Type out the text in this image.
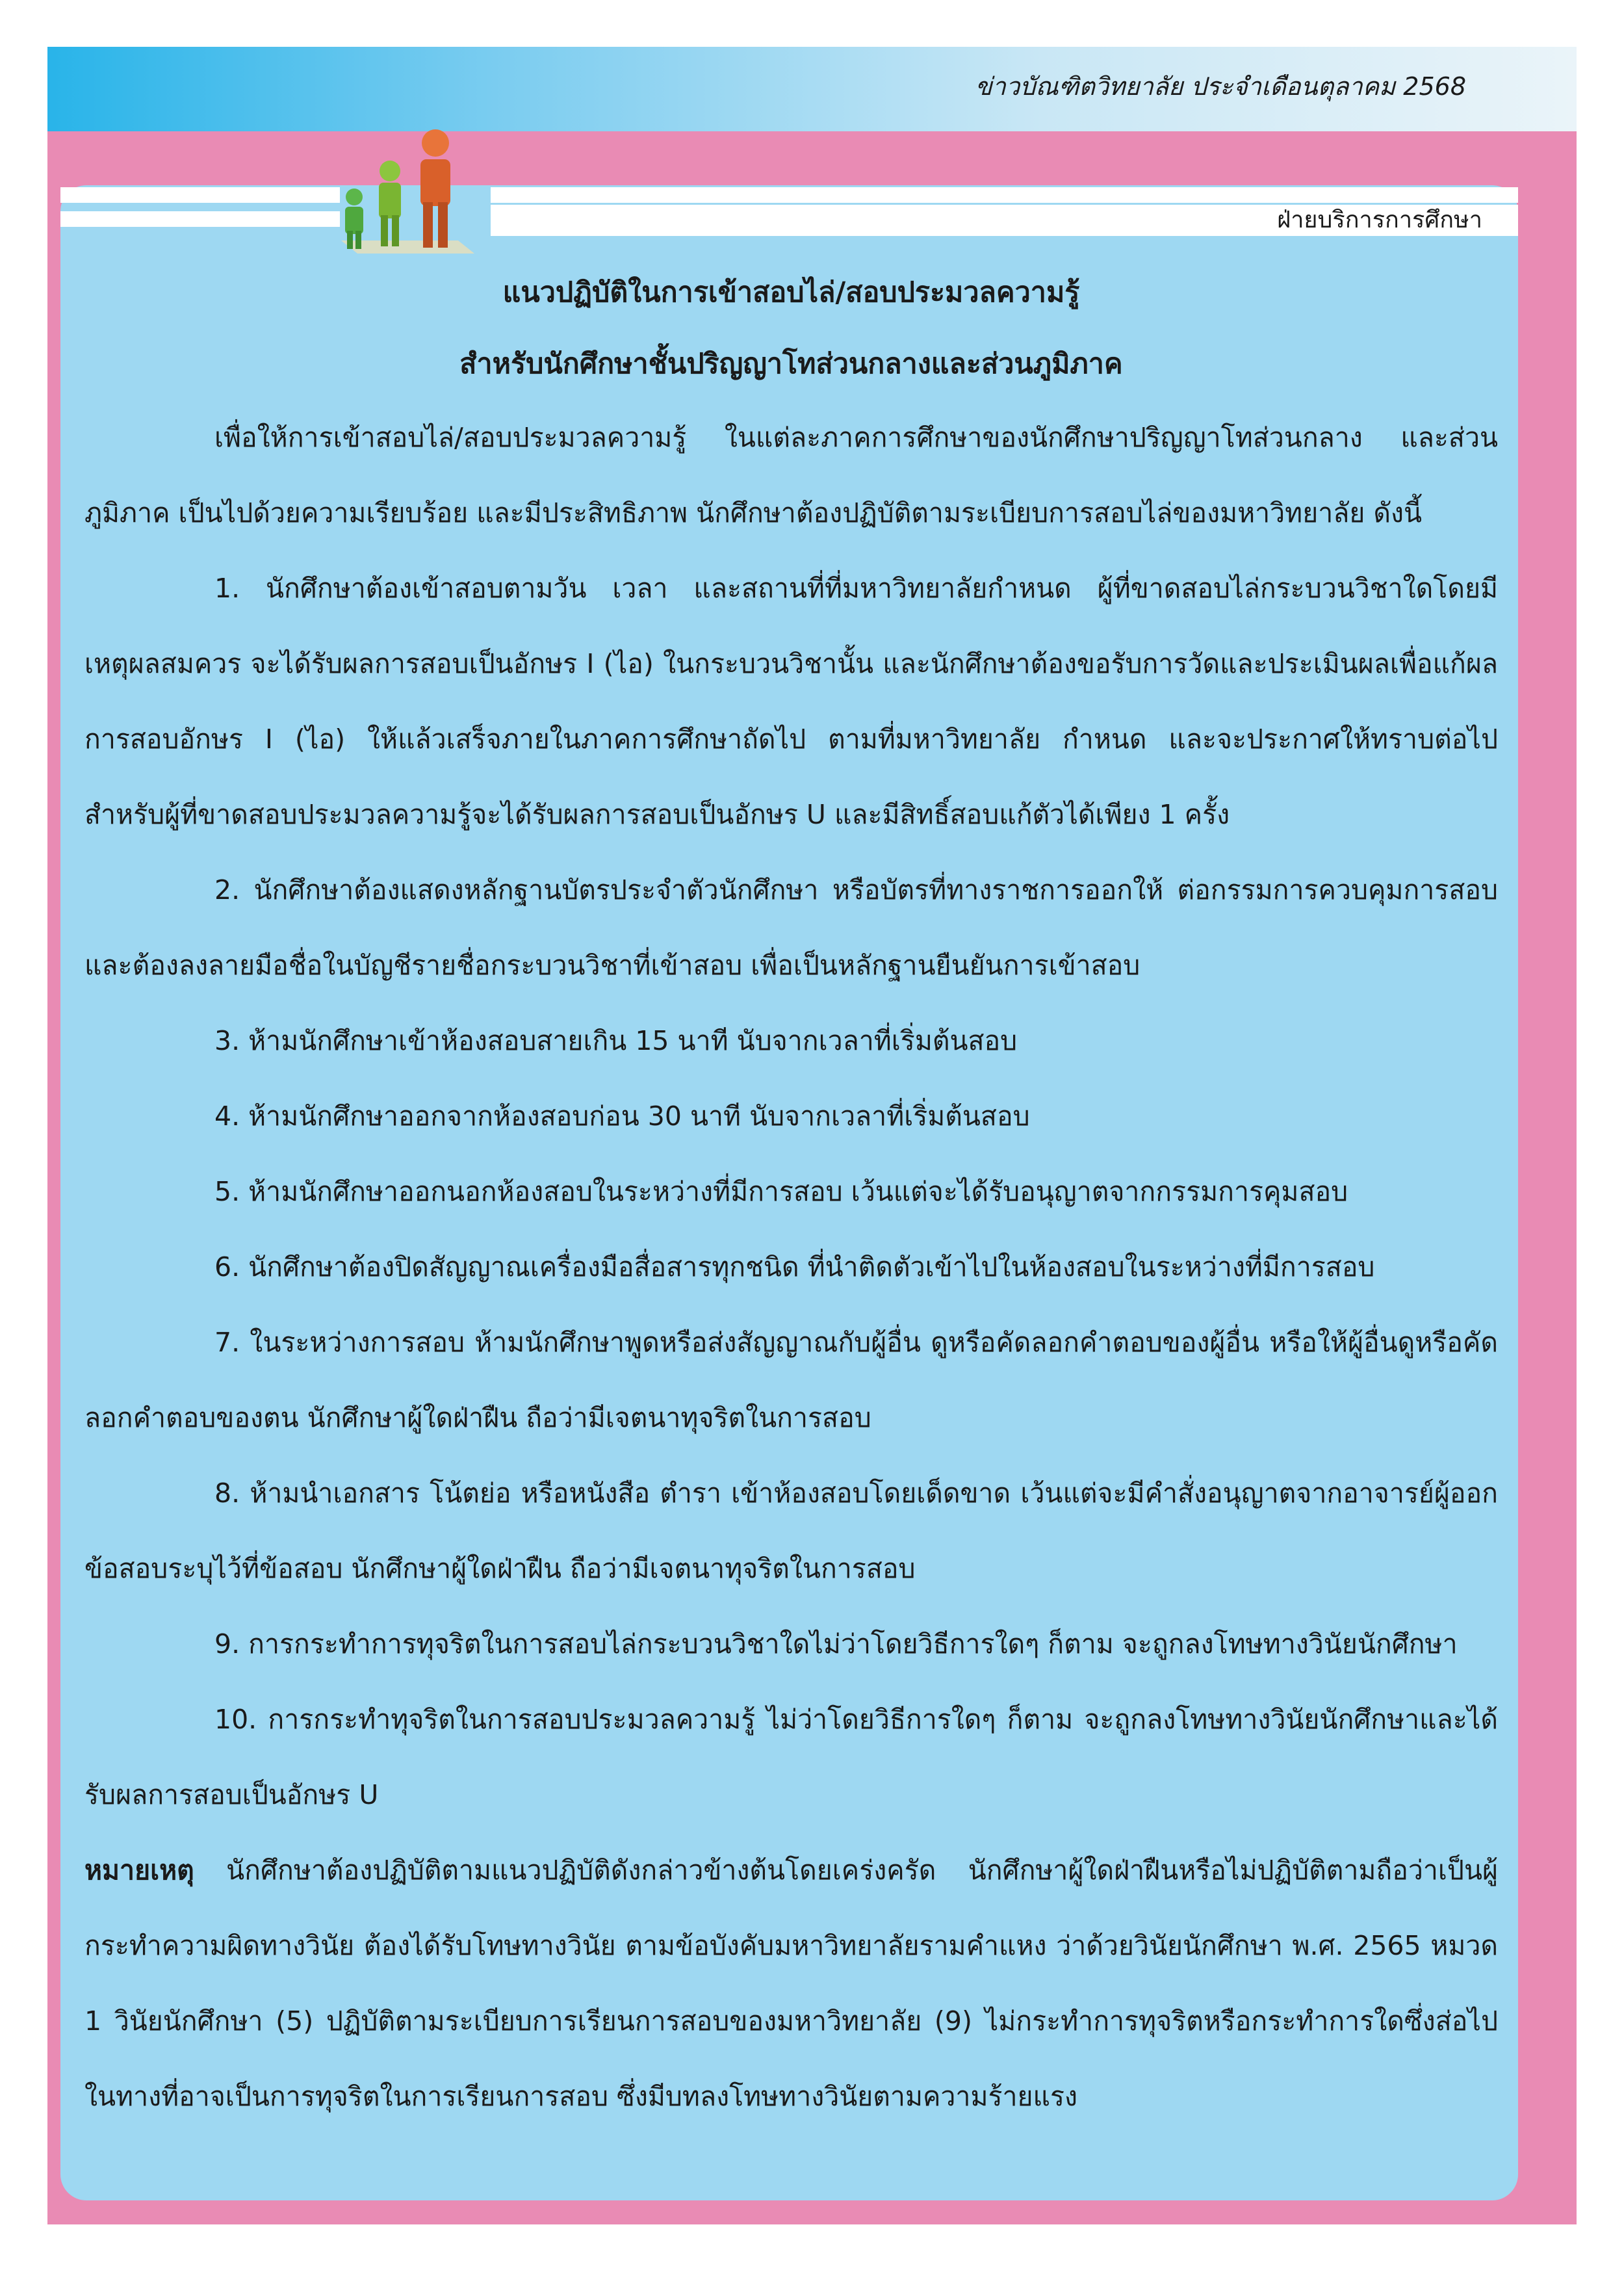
ข่าวบัณฑิตวิทยาลัย ประจำเดือนตุลาคม 2568
ฝ่ายบริการการศึกษา
แนวปฏิบัติในการเข้าสอบไล่/สอบประมวลความรู้
สำหรับนักศึกษาชั้นปริญญาโทส่วนกลางและส่วนภูมิภาค

เพื่อให้การเข้าสอบไล่/สอบประมวลความรู้ ในแต่ละภาคการศึกษาของนักศึกษาปริญญาโทส่วนกลาง และส่วนภูมิภาค เป็นไปด้วยความเรียบร้อย และมีประสิทธิภาพ นักศึกษาต้องปฏิบัติตามระเบียบการสอบไล่ของมหาวิทยาลัย ดังนี้

1. นักศึกษาต้องเข้าสอบตามวัน เวลา และสถานที่ที่มหาวิทยาลัยกำหนด ผู้ที่ขาดสอบไล่กระบวนวิชาใดโดยมีเหตุผลสมควร จะได้รับผลการสอบเป็นอักษร I (ไอ) ในกระบวนวิชานั้น และนักศึกษาต้องขอรับการวัดและประเมินผลเพื่อแก้ผลการสอบอักษร I (ไอ) ให้แล้วเสร็จภายในภาคการศึกษาถัดไป ตามที่มหาวิทยาลัย กำหนด และจะประกาศให้ทราบต่อไป สำหรับผู้ที่ขาดสอบประมวลความรู้จะได้รับผลการสอบเป็นอักษร U และมีสิทธิ์สอบแก้ตัวได้เพียง 1 ครั้ง

2. นักศึกษาต้องแสดงหลักฐานบัตรประจำตัวนักศึกษา หรือบัตรที่ทางราชการออกให้ ต่อกรรมการควบคุมการสอบ และต้องลงลายมือชื่อในบัญชีรายชื่อกระบวนวิชาที่เข้าสอบ เพื่อเป็นหลักฐานยืนยันการเข้าสอบ

3. ห้ามนักศึกษาเข้าห้องสอบสายเกิน 15 นาที นับจากเวลาที่เริ่มต้นสอบ

4. ห้ามนักศึกษาออกจากห้องสอบก่อน 30 นาที นับจากเวลาที่เริ่มต้นสอบ

5. ห้ามนักศึกษาออกนอกห้องสอบในระหว่างที่มีการสอบ เว้นแต่จะได้รับอนุญาตจากกรรมการคุมสอบ

6. นักศึกษาต้องปิดสัญญาณเครื่องมือสื่อสารทุกชนิด ที่นำติดตัวเข้าไปในห้องสอบในระหว่างที่มีการสอบ

7. ในระหว่างการสอบ ห้ามนักศึกษาพูดหรือส่งสัญญาณกับผู้อื่น ดูหรือคัดลอกคำตอบของผู้อื่น หรือให้ผู้อื่นดูหรือคัดลอกคำตอบของตน นักศึกษาผู้ใดฝ่าฝืน ถือว่ามีเจตนาทุจริตในการสอบ

8. ห้ามนำเอกสาร โน้ตย่อ หรือหนังสือ ตำรา เข้าห้องสอบโดยเด็ดขาด เว้นแต่จะมีคำสั่งอนุญาตจากอาจารย์ผู้ออกข้อสอบระบุไว้ที่ข้อสอบ นักศึกษาผู้ใดฝ่าฝืน ถือว่ามีเจตนาทุจริตในการสอบ

9. การกระทำการทุจริตในการสอบไล่กระบวนวิชาใดไม่ว่าโดยวิธีการใดๆ ก็ตาม จะถูกลงโทษทางวินัยนักศึกษา

10. การกระทำทุจริตในการสอบประมวลความรู้ ไม่ว่าโดยวิธีการใดๆ ก็ตาม จะถูกลงโทษทางวินัยนักศึกษาและได้รับผลการสอบเป็นอักษร U

หมายเหตุ นักศึกษาต้องปฏิบัติตามแนวปฏิบัติดังกล่าวข้างต้นโดยเคร่งครัด นักศึกษาผู้ใดฝ่าฝืนหรือไม่ปฏิบัติตามถือว่าเป็นผู้กระทำความผิดทางวินัย ต้องได้รับโทษทางวินัย ตามข้อบังคับมหาวิทยาลัยรามคำแหง ว่าด้วยวินัยนักศึกษา พ.ศ. 2565 หมวด 1 วินัยนักศึกษา (5) ปฏิบัติตามระเบียบการเรียนการสอบของมหาวิทยาลัย (9) ไม่กระทำการทุจริตหรือกระทำการใดซึ่งส่อไปในทางที่อาจเป็นการทุจริตในการเรียนการสอบ ซึ่งมีบทลงโทษทางวินัยตามความร้ายแรง
